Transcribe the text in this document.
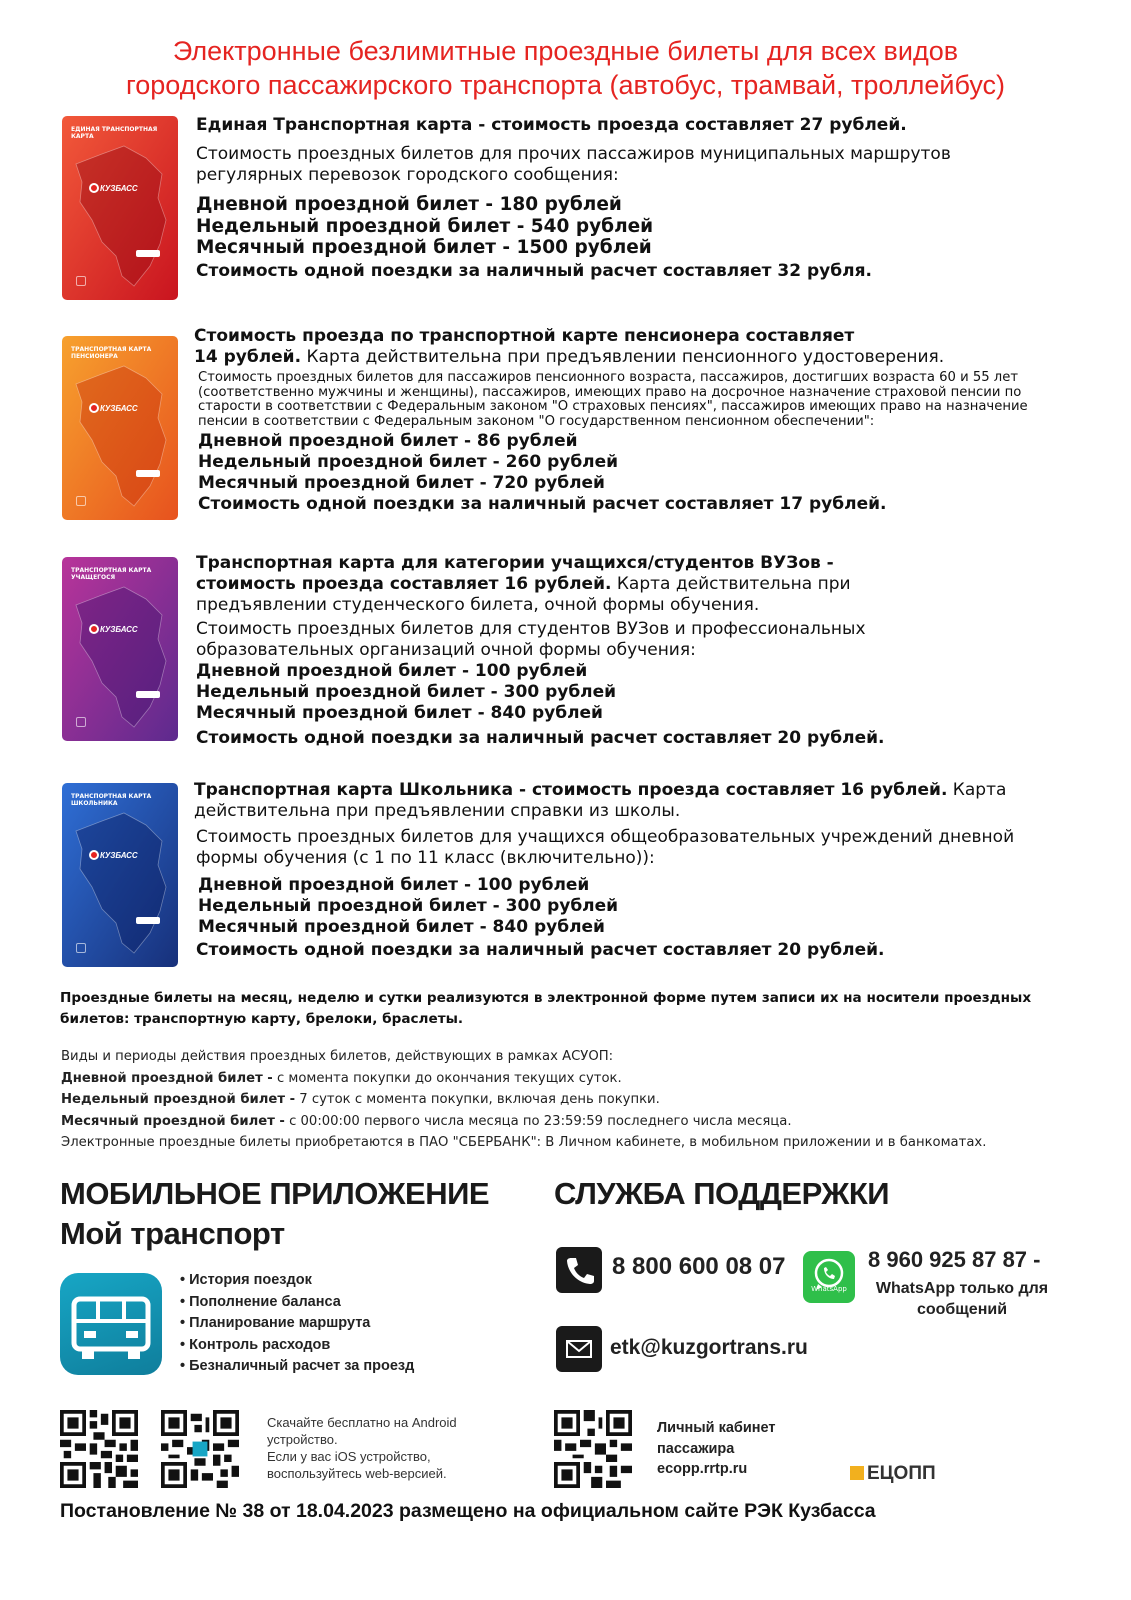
Электронные безлимитные проездные билеты для всех видов
городского пассажирского транспорта (автобус, трамвай, троллейбус)
ЕДИНАЯ ТРАНСПОРТНАЯ КАРТА
КУЗБАСС
ТРАНСПОРТНАЯ КАРТА ПЕНСИОНЕРА
КУЗБАСС
ТРАНСПОРТНАЯ КАРТА УЧАЩЕГОСЯ
КУЗБАСС
ТРАНСПОРТНАЯ КАРТА ШКОЛЬНИКА
КУЗБАСС
Единая Транспортная карта - стоимость проезда составляет 27 рублей.
Стоимость проездных билетов для прочих пассажиров муниципальных маршрутов регулярных перевозок городского сообщения:
Дневной проездной билет - 180 рублей
Недельный проездной билет - 540 рублей
Месячный проездной билет - 1500 рублей
Стоимость одной поездки за наличный расчет составляет 32 рубля.
Стоимость проезда по транспортной карте пенсионера составляет
14 рублей. Карта действительна при предъявлении пенсионного удостоверения.
Стоимость проездных билетов для пассажиров пенсионного возраста, пассажиров, достигших возраста 60 и 55 лет (соответственно мужчины и женщины), пассажиров, имеющих право на досрочное назначение страховой пенсии по старости в соответствии с Федеральным законом "О страховых пенсиях", пассажиров имеющих право на назначение пенсии в соответствии с Федеральным законом "О государственном пенсионном обеспечении":
Дневной проездной билет - 86 рублей
Недельный проездной билет - 260 рублей
Месячный проездной билет - 720 рублей
Стоимость одной поездки за наличный расчет составляет 17 рублей.
Транспортная карта для категории учащихся/студентов ВУЗов -
стоимость проезда составляет 16 рублей. Карта действительна при предъявлении студенческого билета, очной формы обучения.
Стоимость проездных билетов для студентов ВУЗов и профессиональных образовательных организаций очной формы обучения:
Дневной проездной билет - 100 рублей
Недельный проездной билет - 300 рублей
Месячный проездной билет - 840 рублей
Стоимость одной поездки за наличный расчет составляет 20 рублей.
Транспортная карта Школьника - стоимость проезда составляет 16 рублей. Карта действительна при предъявлении справки из школы.
Стоимость проездных билетов для учащихся общеобразовательных учреждений дневной формы обучения (с 1 по 11 класс (включительно)):
Дневной проездной билет - 100 рублей
Недельный проездной билет - 300 рублей
Месячный проездной билет - 840 рублей
Стоимость одной поездки за наличный расчет составляет 20 рублей.
Проездные билеты на месяц, неделю и сутки реализуются в электронной форме путем записи их на носители проездных билетов: транспортную карту, брелоки, браслеты.
Виды и периоды действия проездных билетов, действующих в рамках АСУОП:
Дневной проездной билет - с момента покупки до окончания текущих суток.
Недельный проездной билет - 7 суток с момента покупки, включая день покупки.
Месячный проездной билет - с 00:00:00 первого числа месяца по 23:59:59 последнего числа месяца.
Электронные проездные билеты приобретаются в ПАО "СБЕРБАНК": В Личном кабинете, в мобильном приложении и в банкоматах.
МОБИЛЬНОЕ ПРИЛОЖЕНИЕ
Мой транспорт
• История поездок
• Пополнение баланса
• Планирование маршрута
• Контроль расходов
• Безналичный расчет за проезд
Скачайте бесплатно на Android
устройство.
Если у вас iOS устройство,
воспользуйтесь web-версией.
СЛУЖБА ПОДДЕРЖКИ
8 800 600 08 07
WhatsApp
8 960 925 87 87 -
WhatsApp только для сообщений
etk@kuzgortrans.ru
Личный кабинет
пассажира
ecopp.rrtp.ru	ЕЦОПП
Постановление № 38 от 18.04.2023 размещено на официальном сайте РЭК Кузбасса
